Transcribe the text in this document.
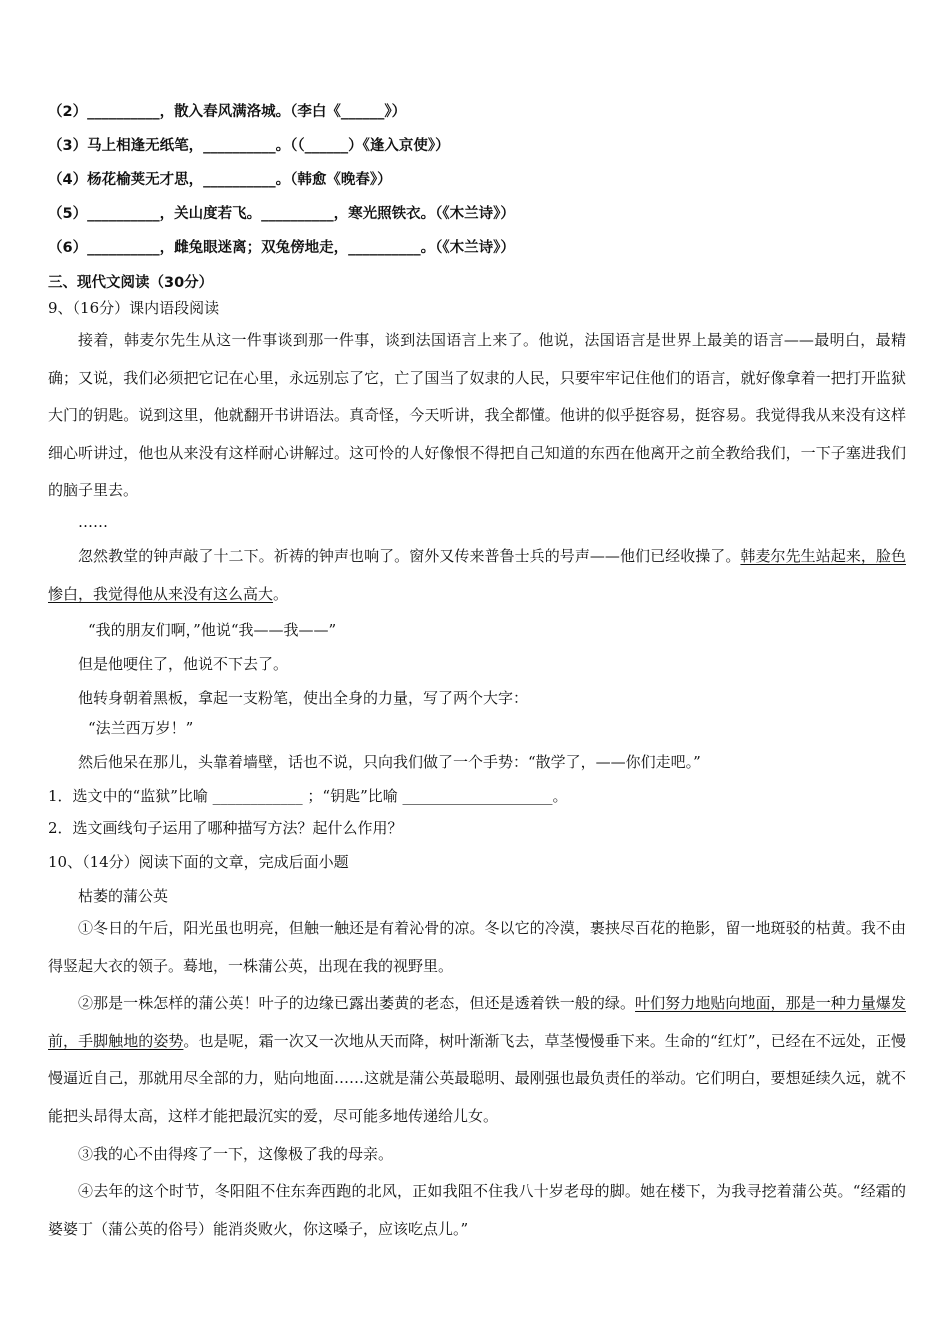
（2）__________，散入春风满洛城。（李白《______》）
（3）马上相逢无纸笔，__________。（（______）《逢入京使》）
（4）杨花榆荚无才思，__________。（韩愈《晚春》）
（5）__________，关山度若飞。__________，寒光照铁衣。（《木兰诗》）
（6）__________，雌兔眼迷离；双兔傍地走，__________。（《木兰诗》）
三、现代文阅读（30分）
9、（16分）课内语段阅读

接着，韩麦尔先生从这一件事谈到那一件事，谈到法国语言上来了。他说，法国语言是世界上最美的语言——最明白，最精确；又说，我们必须把它记在心里，永远别忘了它，亡了国当了奴隶的人民，只要牢牢记住他们的语言，就好像拿着一把打开监狱大门的钥匙。说到这里，他就翻开书讲语法。真奇怪，今天听讲，我全都懂。他讲的似乎挺容易，挺容易。我觉得我从来没有这样细心听讲过，他也从来没有这样耐心讲解过。这可怜的人好像恨不得把自己知道的东西在他离开之前全教给我们，一下子塞进我们的脑子里去。

……

忽然教堂的钟声敲了十二下。祈祷的钟声也响了。窗外又传来普鲁士兵的号声——他们已经收操了。韩麦尔先生站起来，脸色惨白，我觉得他从来没有这么高大。

“我的朋友们啊，”他说“我——我——”
但是他哽住了，他说不下去了。
他转身朝着黑板，拿起一支粉笔，使出全身的力量，写了两个大字：
“法兰西万岁！”
然后他呆在那儿，头靠着墙壁，话也不说，只向我们做了一个手势：“散学了，——你们走吧。”
1．选文中的“监狱”比喻 ____________ ；“钥匙”比喻 ____________________。
2．选文画线句子运用了哪种描写方法？起什么作用？
10、（14分）阅读下面的文章，完成后面小题
枯萎的蒲公英

①冬日的午后，阳光虽也明亮，但触一触还是有着沁骨的凉。冬以它的冷漠，裹挟尽百花的艳影，留一地斑驳的枯黄。我不由得竖起大衣的领子。蓦地，一株蒲公英，出现在我的视野里。

②那是一株怎样的蒲公英！叶子的边缘已露出萎黄的老态，但还是透着铁一般的绿。叶们努力地贴向地面，那是一种力量爆发前，手脚触地的姿势。也是呢，霜一次又一次地从天而降，树叶渐渐飞去，草茎慢慢垂下来。生命的“红灯”，已经在不远处，正慢慢逼近自己，那就用尽全部的力，贴向地面……这就是蒲公英最聪明、最刚强也最负责任的举动。它们明白，要想延续久远，就不能把头昂得太高，这样才能把最沉实的爱，尽可能多地传递给儿女。

③我的心不由得疼了一下，这像极了我的母亲。

④去年的这个时节，冬阳阻不住东奔西跑的北风，正如我阻不住我八十岁老母的脚。她在楼下，为我寻挖着蒲公英。“经霜的婆婆丁（蒲公英的俗号）能消炎败火，你这嗓子，应该吃点儿。”
